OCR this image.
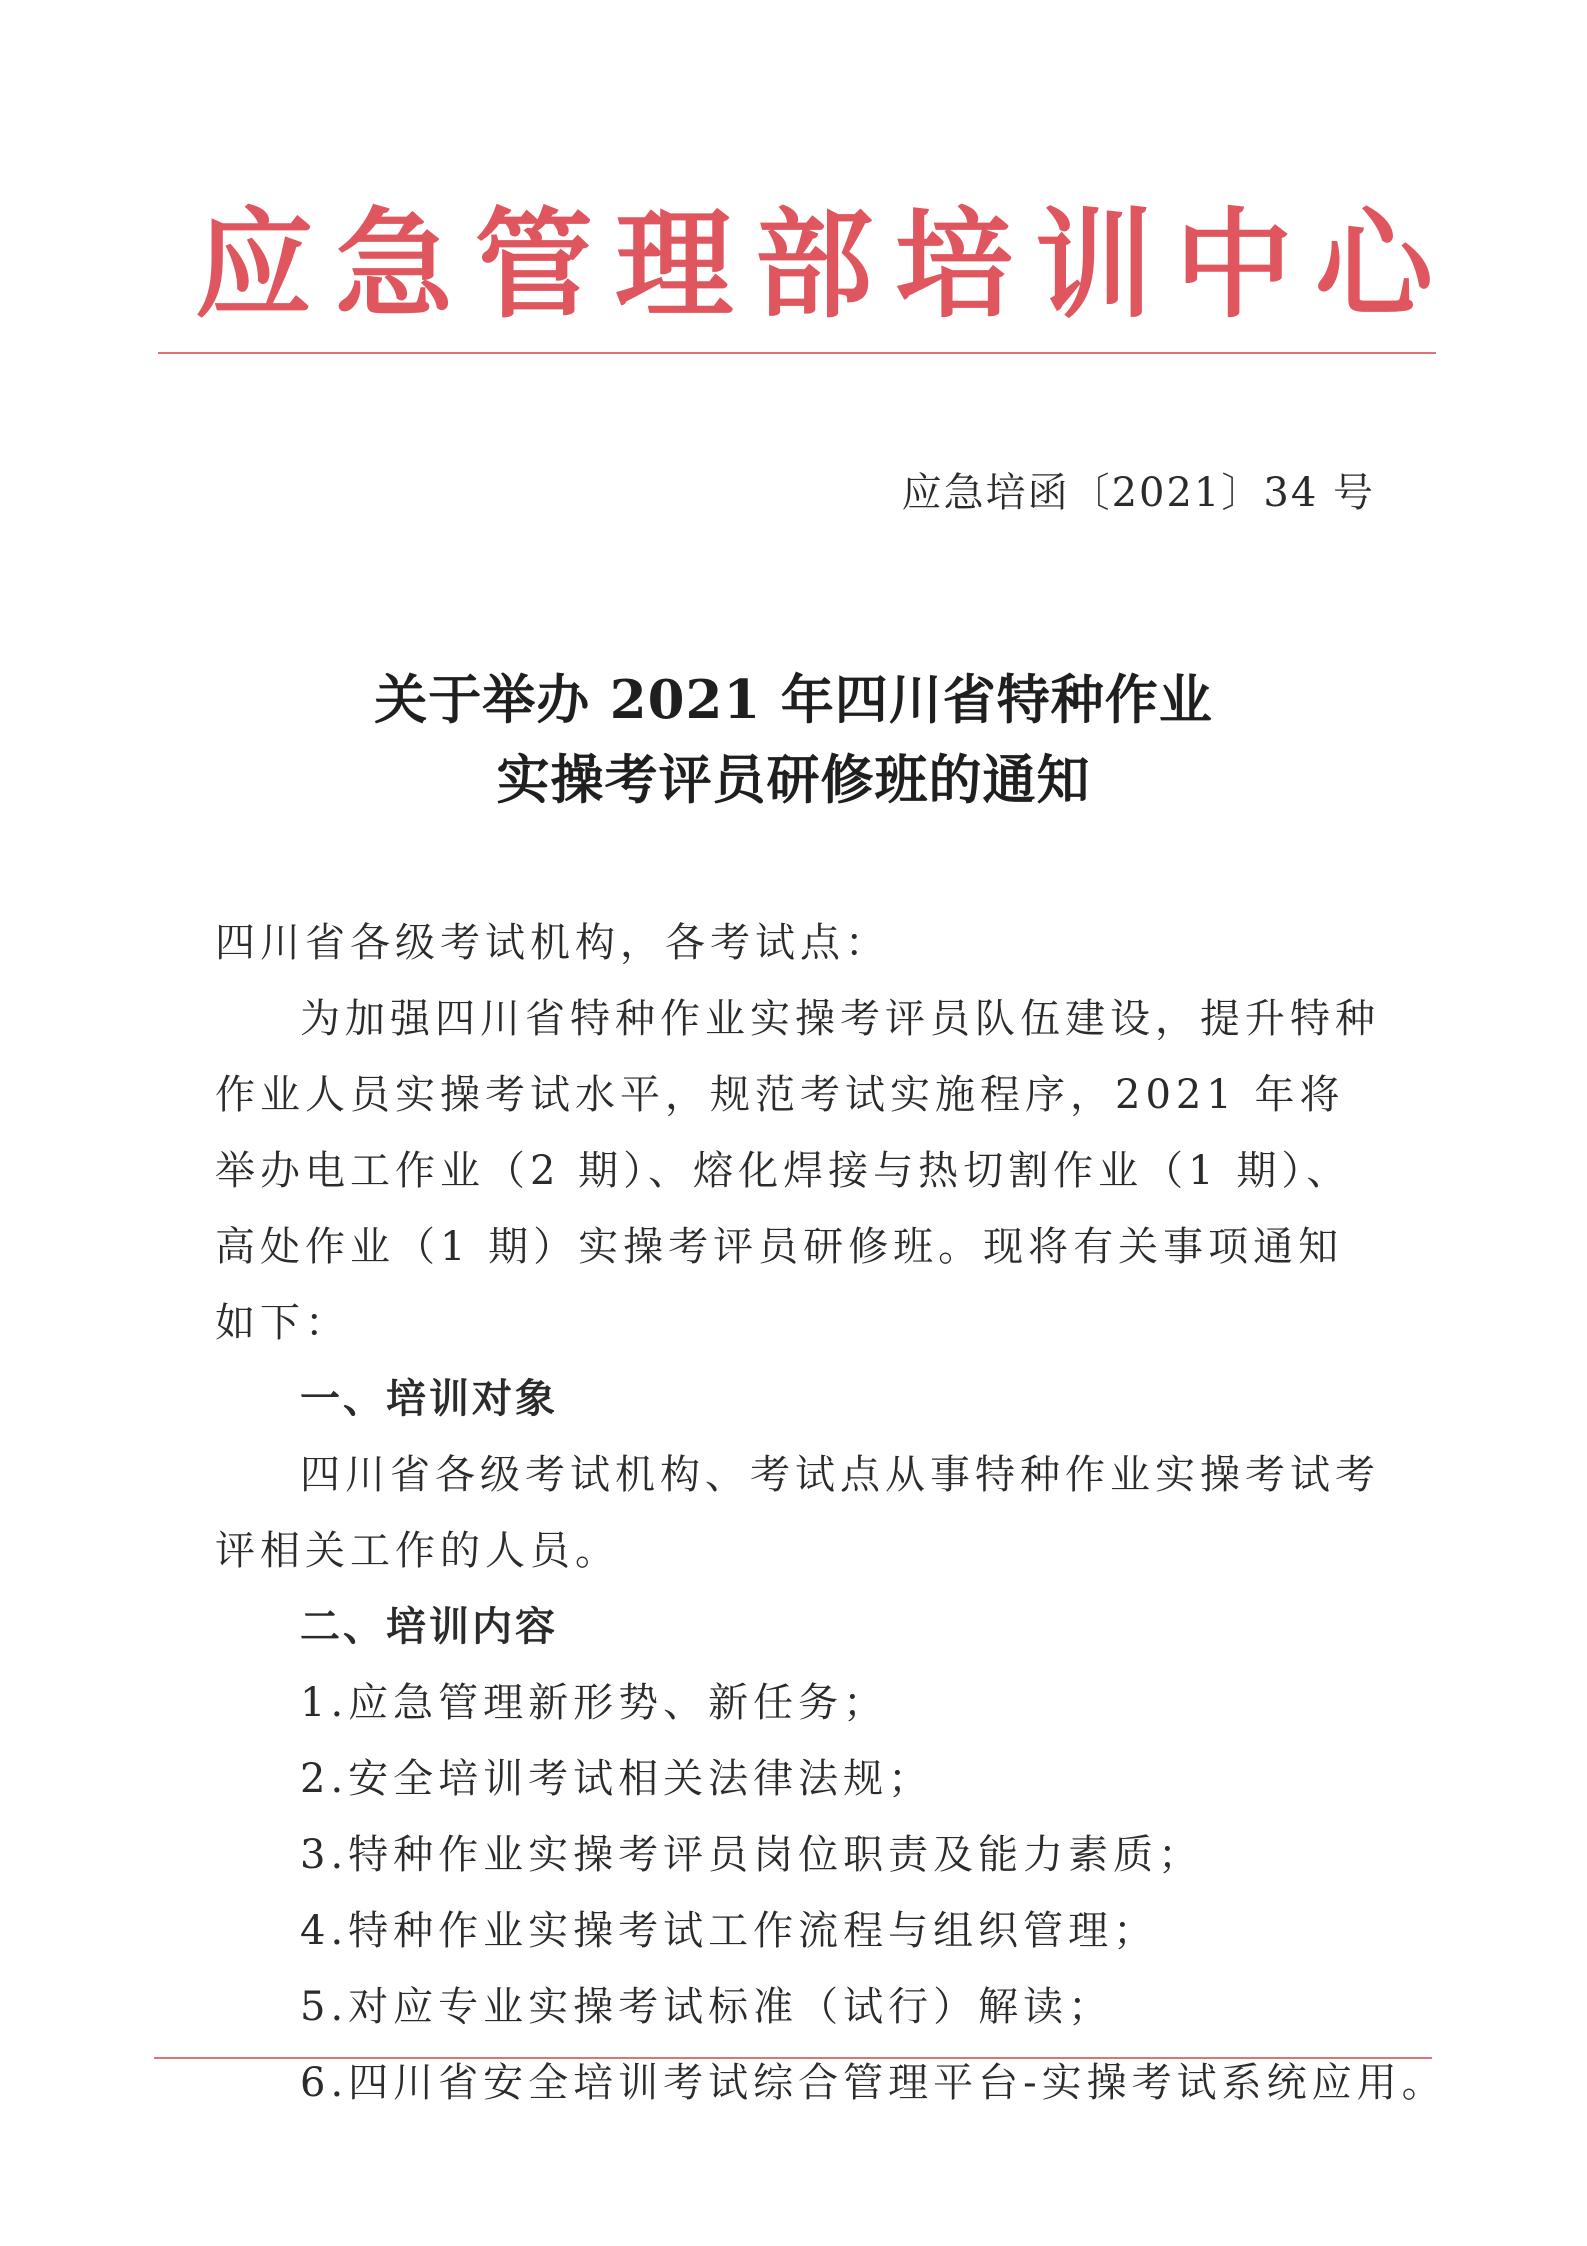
应急管理部培训中心
应急培函〔2021〕34 号
关于举办 2021 年四川省特种作业
实操考评员研修班的通知

四川省各级考试机构，各考试点：

为加强四川省特种作业实操考评员队伍建设，提升特种作业人员实操考试水平，规范考试实施程序，2021 年将举办电工作业（2 期）、熔化焊接与热切割作业（1 期）、高处作业（1 期）实操考评员研修班。现将有关事项通知如下：

一、培训对象

四川省各级考试机构、考试点从事特种作业实操考试考评相关工作的人员。

二、培训内容

1.应急管理新形势、新任务；

2.安全培训考试相关法律法规；

3.特种作业实操考评员岗位职责及能力素质；

4.特种作业实操考试工作流程与组织管理；

5.对应专业实操考试标准（试行）解读；

6.四川省安全培训考试综合管理平台-实操考试系统应用。
